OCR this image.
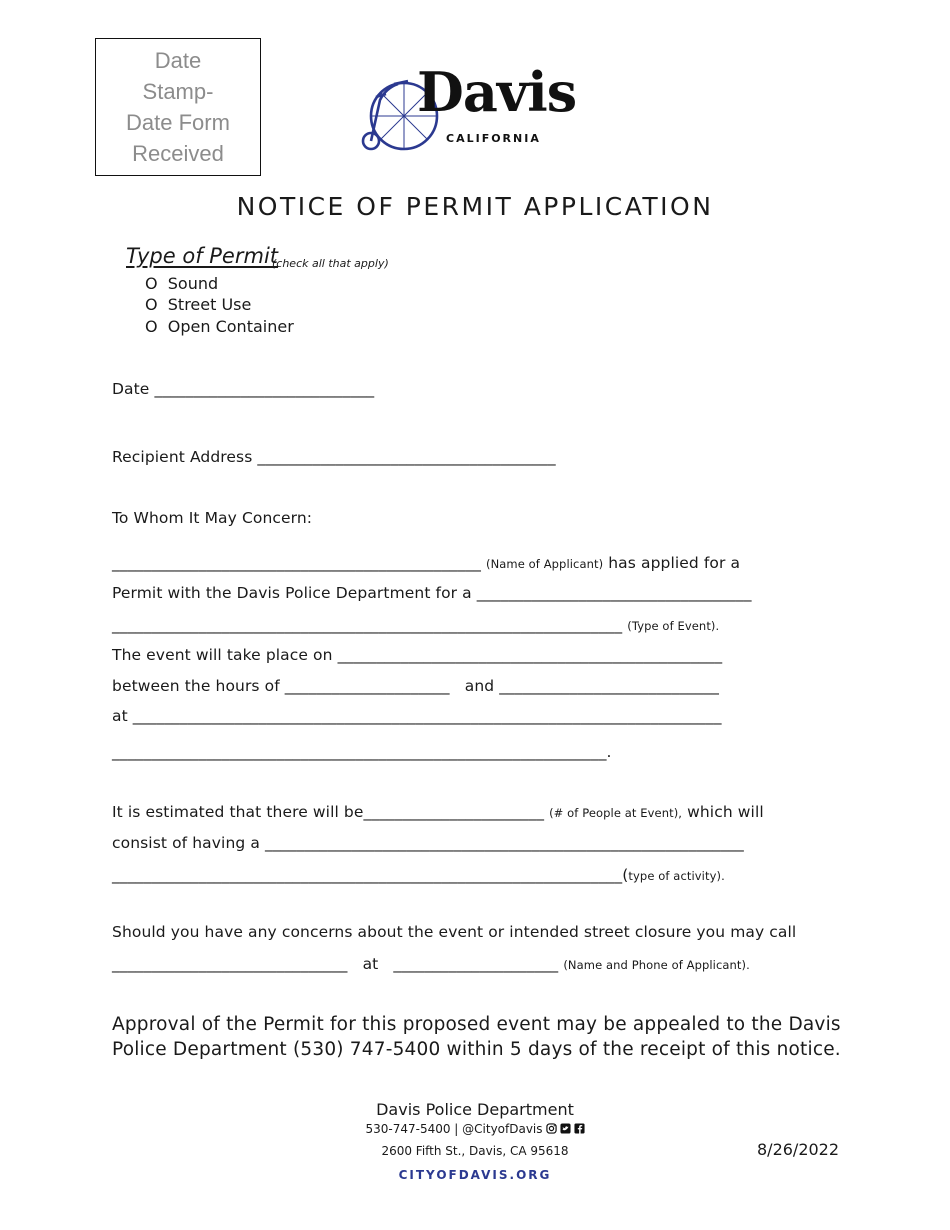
Date
Stamp-
Date Form
Received
Davis
CALIFORNIA
NOTICE OF PERMIT APPLICATION
Type of Permit
(check all that apply)
O  Sound
O  Street Use
O  Open Container
Date ____________________________
Recipient Address ______________________________________
To Whom It May Concern:
_______________________________________________ (Name of Applicant) has applied for a
Permit with the Davis Police Department for a ___________________________________
_________________________________________________________________ (Type of Event).
The event will take place on _________________________________________________
between the hours of _____________________   and ____________________________
at ___________________________________________________________________________
_______________________________________________________________.
It is estimated that there will be_______________________ (# of People at Event), which will
consist of having a _____________________________________________________________
_________________________________________________________________(type of activity).
Should you have any concerns about the event or intended street closure you may call
______________________________   at   _____________________ (Name and Phone of Applicant).
Approval of the Permit for this proposed event may be appealed to the Davis Police Department (530) 747-5400 within 5 days of the receipt of this notice.
Davis Police Department
530-747-5400 | @CityofDavis
2600 Fifth St., Davis, CA 95618
CITYOFDAVIS.ORG
8/26/2022
